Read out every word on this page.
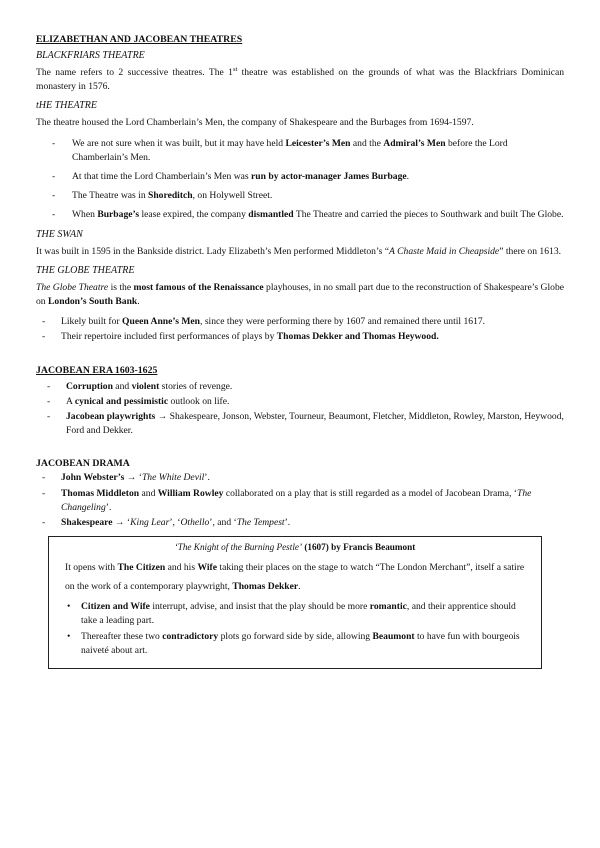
ELIZABETHAN AND JACOBEAN THEATRES
BLACKFRIARS THEATRE
The name refers to 2 successive theatres. The 1st theatre was established on the grounds of what was the Blackfriars Dominican monastery in 1576.
tHE THEATRE
The theatre housed the Lord Chamberlain’s Men, the company of Shakespeare and the Burbages from 1694-1597.
- We are not sure when it was built, but it may have held Leicester’s Men and the Admiral’s Men before the Lord Chamberlain’s Men.
- At that time the Lord Chamberlain’s Men was run by actor-manager James Burbage.
- The Theatre was in Shoreditch, on Holywell Street.
- When Burbage’s lease expired, the company dismantled The Theatre and carried the pieces to Southwark and built The Globe.
THE SWAN
It was built in 1595 in the Bankside district. Lady Elizabeth’s Men performed Middleton’s “A Chaste Maid in Cheapside” there on 1613.
THE GLOBE THEATRE
The Globe Theatre is the most famous of the Renaissance playhouses, in no small part due to the reconstruction of Shakespeare’s Globe on London’s South Bank.
- Likely built for Queen Anne’s Men, since they were performing there by 1607 and remained there until 1617.
- Their repertoire included first performances of plays by Thomas Dekker and Thomas Heywood.
JACOBEAN ERA 1603-1625
- Corruption and violent stories of revenge.
- A cynical and pessimistic outlook on life.
- Jacobean playwrights → Shakespeare, Jonson, Webster, Tourneur, Beaumont, Fletcher, Middleton, Rowley, Marston, Heywood, Ford and Dekker.
JACOBEAN DRAMA
- John Webster’s → ‘The White Devil’.
- Thomas Middleton and William Rowley collaborated on a play that is still regarded as a model of Jacobean Drama, ‘The Changeling’.
- Shakespeare → ‘King Lear’, ‘Othello’, and ‘The Tempest’.
‘The Knight of the Burning Pestle’ (1607) by Francis Beaumont
It opens with The Citizen and his Wife taking their places on the stage to watch “The London Merchant”, itself a satire on the work of a contemporary playwright, Thomas Dekker.
• Citizen and Wife interrupt, advise, and insist that the play should be more romantic, and their apprentice should take a leading part.
• Thereafter these two contradictory plots go forward side by side, allowing Beaumont to have fun with bourgeois naiveté about art.
